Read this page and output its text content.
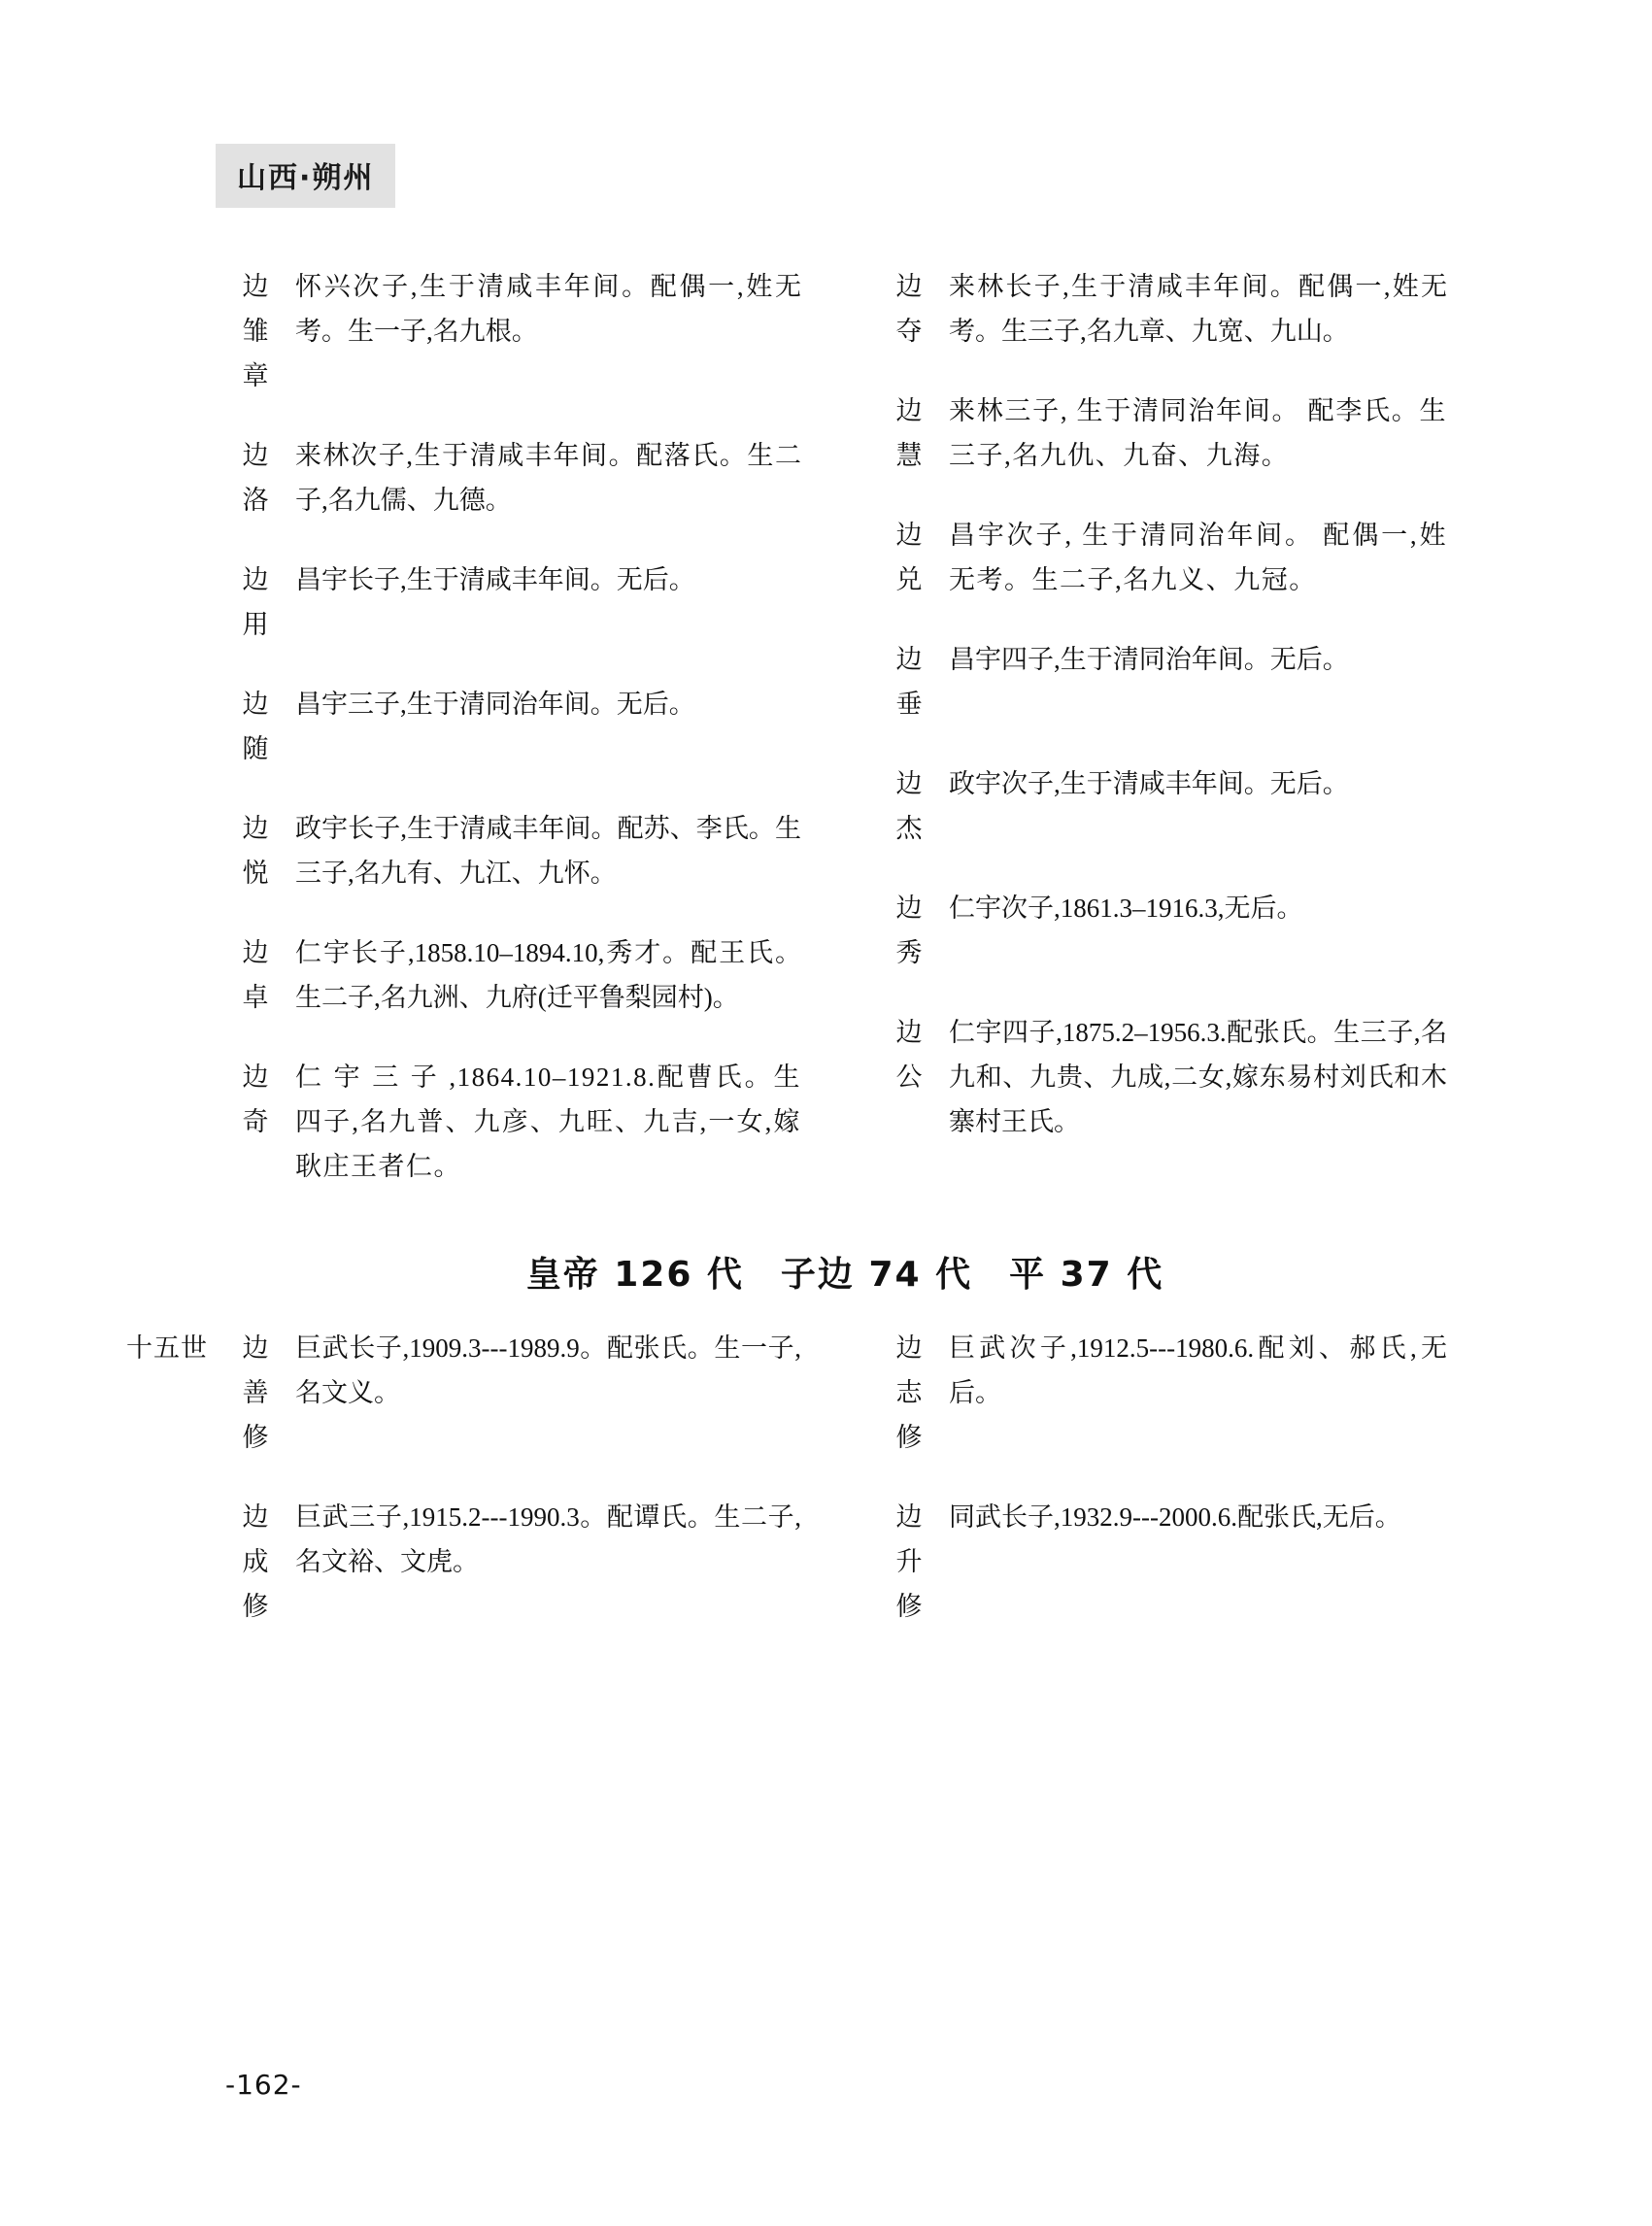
山西·朔州
边
雏
章
怀兴次子,生于清咸丰年间。配偶一,姓无考。生一子,名九根。
边
洛
来林次子,生于清咸丰年间。配落氏。生二子,名九儒、九德。
边
用
昌宇长子,生于清咸丰年间。无后。
边
随
昌宇三子,生于清同治年间。无后。
边
悦
政宇长子,生于清咸丰年间。配苏、李氏。生三子,名九有、九江、九怀。
边
卓
仁宇长子,1858.10–1894.10,秀才。配王氏。生二子,名九洲、九府(迁平鲁梨园村)。
边
奇
仁 宇 三 子 ,1864.10–1921.8.配曹氏。生四子,名九普、九彦、九旺、九吉,一女,嫁耿庄王者仁。
边
夺
来林长子,生于清咸丰年间。配偶一,姓无考。生三子,名九章、九宽、九山。
边
慧
来林三子, 生于清同治年间。 配李氏。生三子,名九仇、九奋、九海。
边
兑
昌宇次子, 生于清同治年间。 配偶一,姓无考。生二子,名九义、九冠。
边
垂
昌宇四子,生于清同治年间。无后。
边
杰
政宇次子,生于清咸丰年间。无后。
边
秀
仁宇次子,1861.3–1916.3,无后。
边
公
仁宇四子,1875.2–1956.3.配张氏。生三子,名九和、九贵、九成,二女,嫁东易村刘氏和木寨村王氏。
皇帝 126 代　子边 74 代　平 37 代
十五世	边
善
修
巨武长子,1909.3---1989.9。配张氏。生一子,名文义。
边
成
修
巨武三子,1915.2---1990.3。配谭氏。生二子,名文裕、文虎。
边
志
修
巨武次子,1912.5---1980.6.配刘、郝氏,无后。
边
升
修
同武长子,1932.9---2000.6.配张氏,无后。
-162-
